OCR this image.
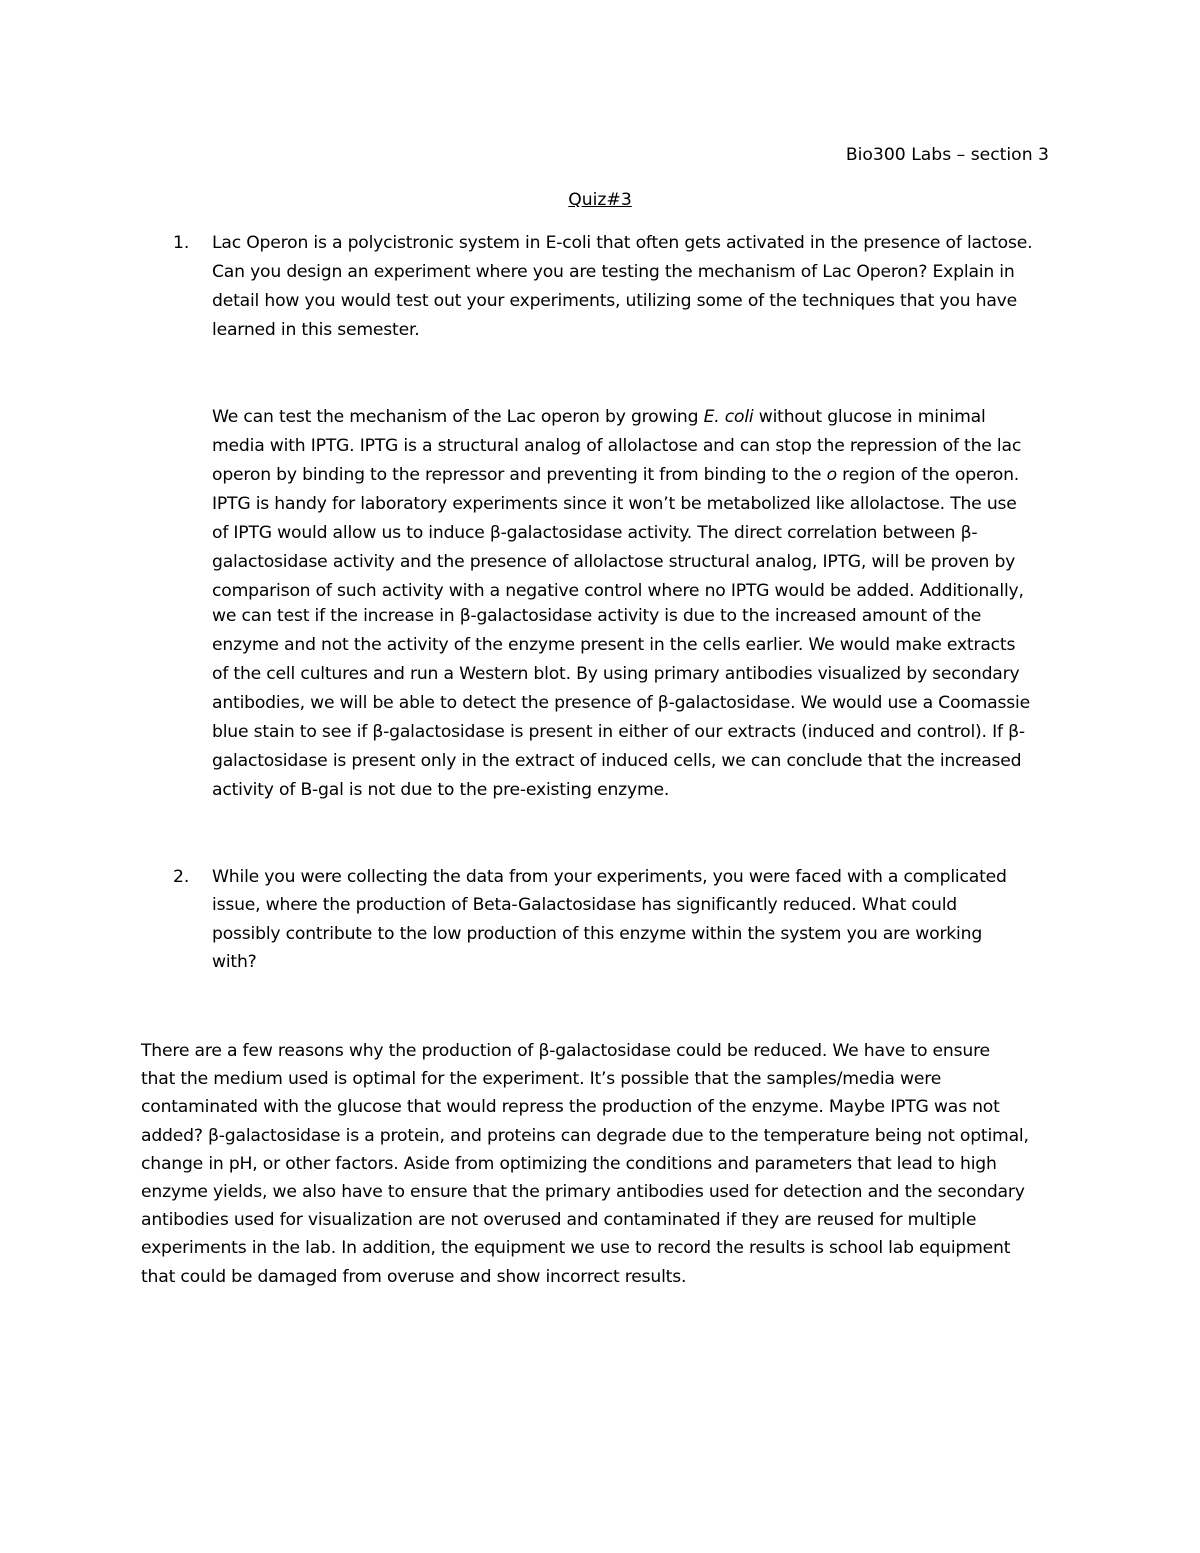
Bio300 Labs – section 3
Quiz#3
1. Lac Operon is a polycistronic system in E-coli that often gets activated in the presence of lactose.
Can you design an experiment where you are testing the mechanism of Lac Operon? Explain in
detail how you would test out your experiments, utilizing some of the techniques that you have
learned in this semester.
We can test the mechanism of the Lac operon by growing E. coli without glucose in minimal
media with IPTG. IPTG is a structural analog of allolactose and can stop the repression of the lac
operon by binding to the repressor and preventing it from binding to the o region of the operon.
IPTG is handy for laboratory experiments since it won’t be metabolized like allolactose. The use
of IPTG would allow us to induce β-galactosidase activity. The direct correlation between β-
galactosidase activity and the presence of allolactose structural analog, IPTG, will be proven by
comparison of such activity with a negative control where no IPTG would be added. Additionally,
we can test if the increase in β-galactosidase activity is due to the increased amount of the
enzyme and not the activity of the enzyme present in the cells earlier. We would make extracts
of the cell cultures and run a Western blot. By using primary antibodies visualized by secondary
antibodies, we will be able to detect the presence of β-galactosidase. We would use a Coomassie
blue stain to see if β-galactosidase is present in either of our extracts (induced and control). If β-
galactosidase is present only in the extract of induced cells, we can conclude that the increased
activity of B-gal is not due to the pre-existing enzyme.
2. While you were collecting the data from your experiments, you were faced with a complicated
issue, where the production of Beta-Galactosidase has significantly reduced. What could
possibly contribute to the low production of this enzyme within the system you are working
with?
There are a few reasons why the production of β-galactosidase could be reduced. We have to ensure
that the medium used is optimal for the experiment. It’s possible that the samples/media were
contaminated with the glucose that would repress the production of the enzyme. Maybe IPTG was not
added? β-galactosidase is a protein, and proteins can degrade due to the temperature being not optimal,
change in pH, or other factors. Aside from optimizing the conditions and parameters that lead to high
enzyme yields, we also have to ensure that the primary antibodies used for detection and the secondary
antibodies used for visualization are not overused and contaminated if they are reused for multiple
experiments in the lab. In addition, the equipment we use to record the results is school lab equipment
that could be damaged from overuse and show incorrect results.
